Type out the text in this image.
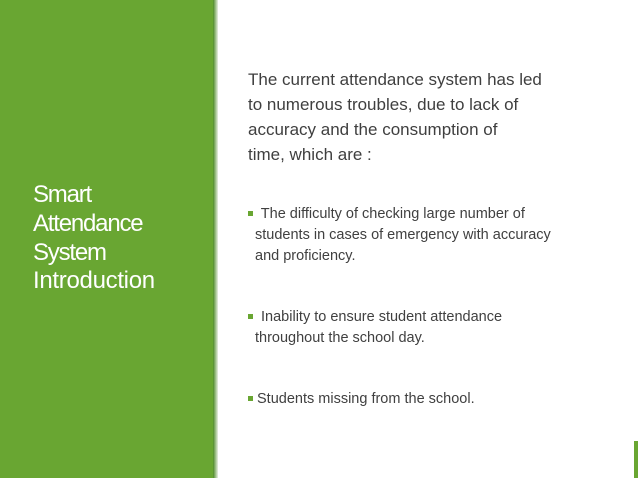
Smart
Attendance
System
Introduction

The current attendance system has led
to numerous troubles, due to lack of
accuracy and the consumption of
time, which are :

The difficulty of checking large number of
students in cases of emergency with accuracy
and proficiency.
Inability to ensure student attendance
throughout the school day.
Students missing from the school.
